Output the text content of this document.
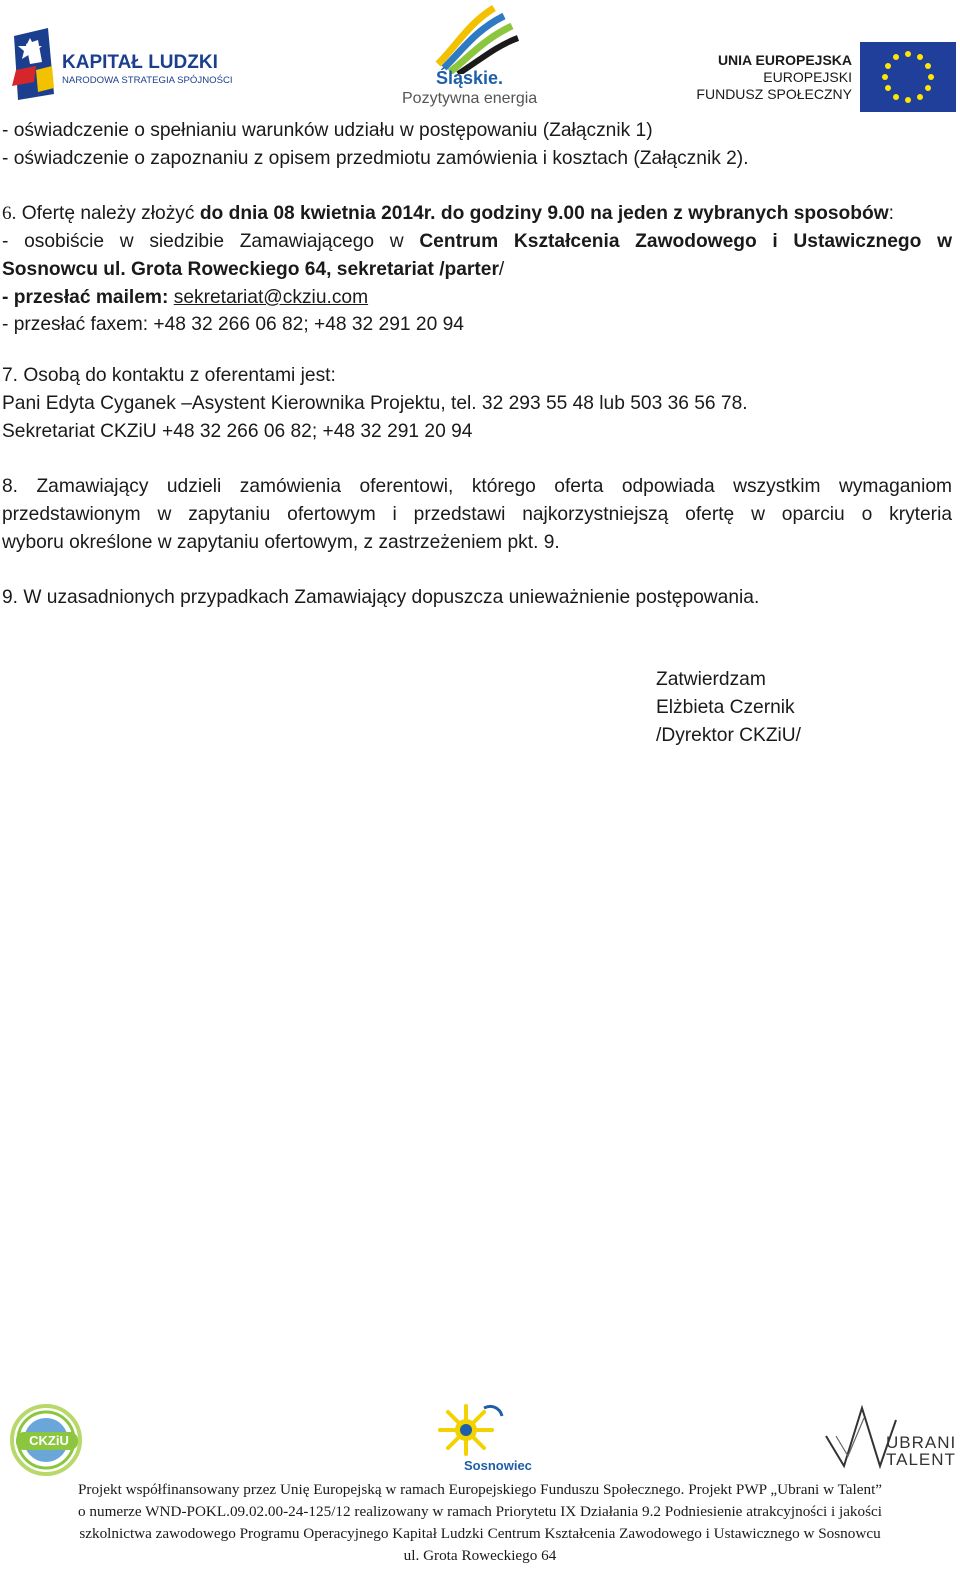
KAPITAŁ LUDZKI
NARODOWA STRATEGIA SPÓJNOŚCI	Śląskie.
Pozytywna energia
UNIA EUROPEJSKA
EUROPEJSKI
FUNDUSZ SPOŁECZNY
- oświadczenie o spełnianiu warunków udziału w postępowaniu (Załącznik 1)
- oświadczenie o zapoznaniu z opisem przedmiotu zamówienia i kosztach (Załącznik 2).
6. Ofertę należy złożyć do dnia 08 kwietnia 2014r. do godziny 9.00 na jeden z wybranych sposobów:
- osobiście w siedzibie Zamawiającego w Centrum Kształcenia Zawodowego i Ustawicznego w
Sosnowcu ul. Grota Roweckiego 64, sekretariat /parter/
- przesłać mailem: sekretariat@ckziu.com
- przesłać faxem: +48 32 266 06 82; +48 32 291 20 94
7. Osobą do kontaktu z oferentami jest:
Pani Edyta Cyganek –Asystent Kierownika Projektu, tel. 32 293 55 48 lub 503 36 56 78.
Sekretariat CKZiU +48 32 266 06 82; +48 32 291 20 94
8. Zamawiający udzieli zamówienia oferentowi, którego oferta odpowiada wszystkim wymaganiom
przedstawionym w zapytaniu ofertowym i przedstawi najkorzystniejszą ofertę w oparciu o kryteria
wyboru określone w zapytaniu ofertowym, z zastrzeżeniem pkt. 9.
9. W uzasadnionych przypadkach Zamawiający dopuszcza unieważnienie postępowania.
Zatwierdzam
Elżbieta Czernik
/Dyrektor CKZiU/
CKZiU
Sosnowiec
UBRANI
TALENT
Projekt współfinansowany przez Unię Europejską w ramach Europejskiego Funduszu Społecznego. Projekt PWP „Ubrani w Talent”
o numerze WND-POKL.09.02.00-24-125/12 realizowany w ramach Priorytetu IX Działania 9.2 Podniesienie atrakcyjności i jakości
szkolnictwa zawodowego Programu Operacyjnego Kapitał Ludzki Centrum Kształcenia Zawodowego i Ustawicznego w Sosnowcu
ul. Grota Roweckiego 64
